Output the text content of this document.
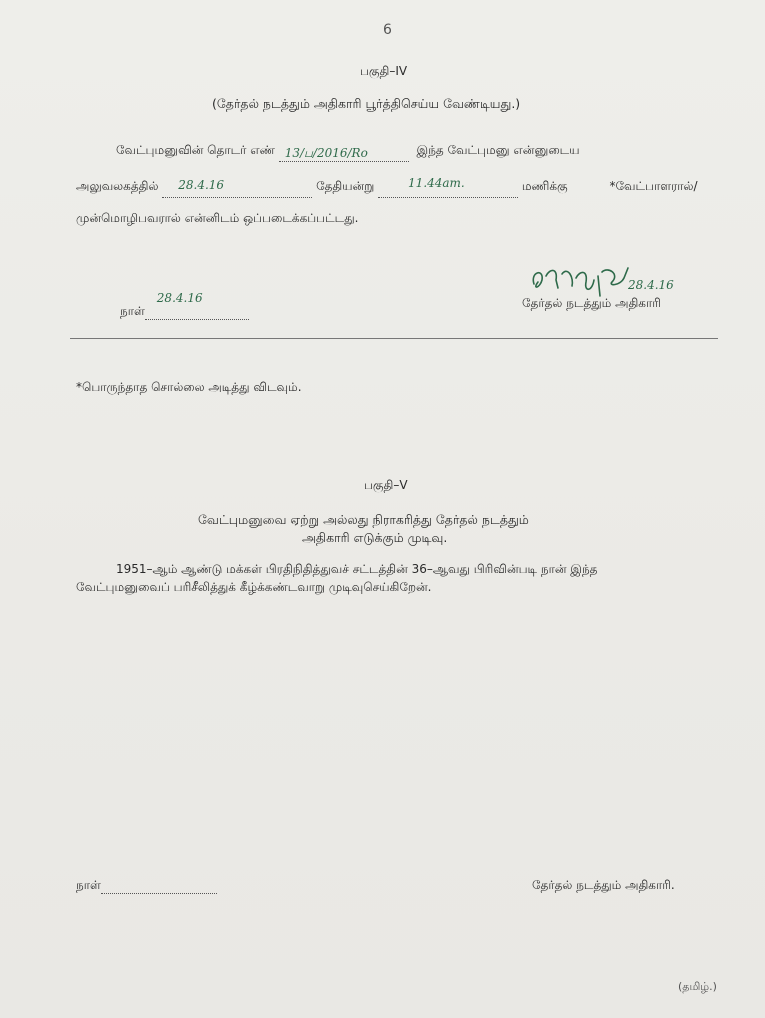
6
பகுதி–IV
(தேர்தல் நடத்தும் அதிகாரி பூர்த்திசெய்ய வேண்டியது.)
வேட்புமனுவின் தொடர் எண் 13/ப/2016/Ro	இந்த வேட்புமனு என்னுடைய
அலுவலகத்தில் 28.4.16	தேதியன்று	11.44am.	மணிக்கு	*வேட்பாளரால்/
முன்மொழிபவரால் என்னிடம் ஒப்படைக்கப்பட்டது.
28.4.16
தேர்தல் நடத்தும் அதிகாரி
நாள்
28.4.16
*பொருந்தாத சொல்லை அடித்து விடவும்.
பகுதி–V
வேட்புமனுவை ஏற்று அல்லது நிராகரித்து தேர்தல் நடத்தும்
அதிகாரி எடுக்கும் முடிவு.
1951–ஆம் ஆண்டு மக்கள் பிரதிநிதித்துவச் சட்டத்தின் 36–ஆவது பிரிவின்படி நான் இந்த
வேட்புமனுவைப் பரிசீலித்துக் கீழ்க்கண்டவாறு முடிவுசெய்கிறேன்.
நாள்	தேர்தல் நடத்தும் அதிகாரி.
(தமிழ்.)
